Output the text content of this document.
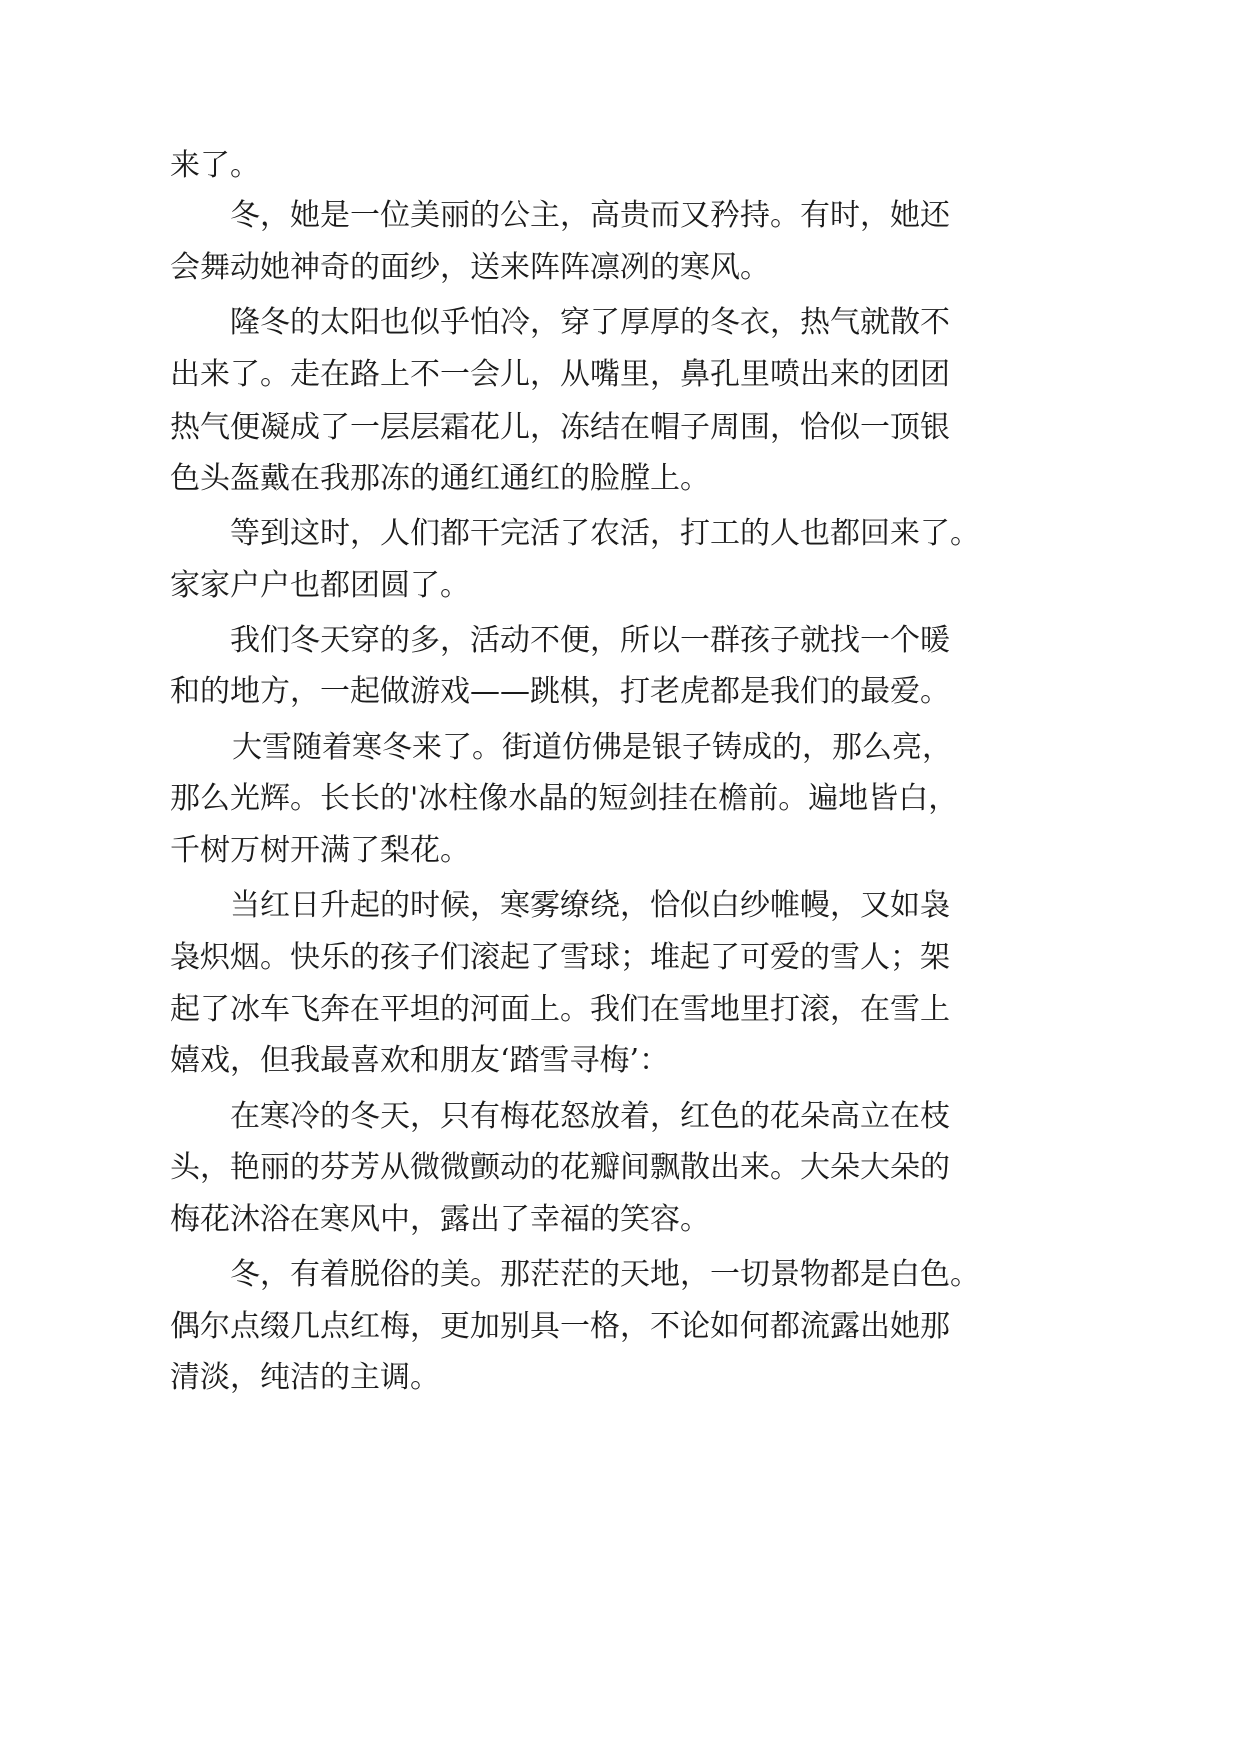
来了。

冬，她是一位美丽的公主，高贵而又矜持。有时，她还

会舞动她神奇的面纱，送来阵阵凛冽的寒风。

隆冬的太阳也似乎怕冷，穿了厚厚的冬衣，热气就散不

出来了。走在路上不一会儿，从嘴里，鼻孔里喷出来的团团

热气便凝成了一层层霜花儿，冻结在帽子周围，恰似一顶银

色头盔戴在我那冻的通红通红的脸膛上。

等到这时，人们都干完活了农活，打工的人也都回来了。

家家户户也都团圆了。

我们冬天穿的多，活动不便，所以一群孩子就找一个暖

和的地方，一起做游戏——跳棋，打老虎都是我们的最爱。

大雪随着寒冬来了。街道仿佛是银子铸成的，那么亮，

那么光辉。长长的'冰柱像水晶的短剑挂在檐前。遍地皆白，

千树万树开满了梨花。

当红日升起的时候，寒雾缭绕，恰似白纱帷幔，又如袅

袅炽烟。快乐的孩子们滚起了雪球；堆起了可爱的雪人；架

起了冰车飞奔在平坦的河面上。我们在雪地里打滚，在雪上

嬉戏，但我最喜欢和朋友‘踏雪寻梅’：

在寒冷的冬天，只有梅花怒放着，红色的花朵高立在枝

头，艳丽的芬芳从微微颤动的花瓣间飘散出来。大朵大朵的

梅花沐浴在寒风中，露出了幸福的笑容。

冬，有着脱俗的美。那茫茫的天地，一切景物都是白色。

偶尔点缀几点红梅，更加别具一格，不论如何都流露出她那

清淡，纯洁的主调。
